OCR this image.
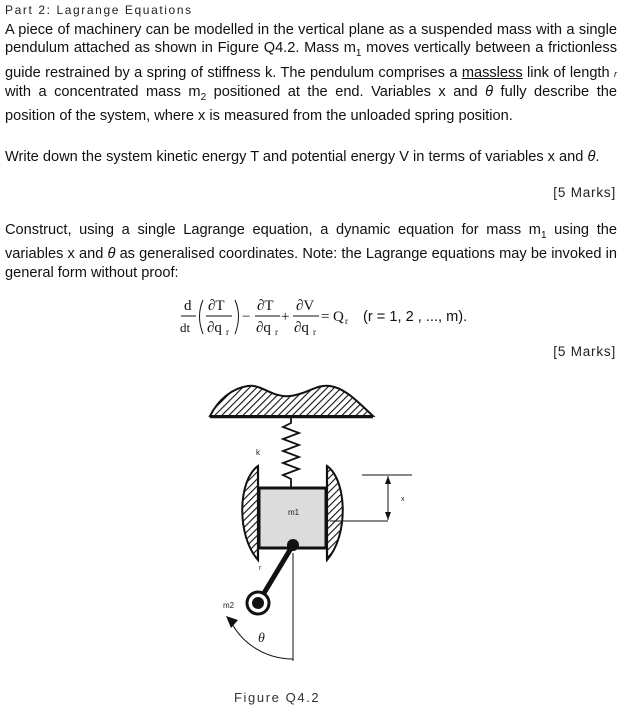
Part 2: Lagrange Equations

A piece of machinery can be modelled in the vertical plane as a suspended mass with a single pendulum attached as shown in Figure Q4.2. Mass $m_1$ moves vertically between a frictionless guide restrained by a spring of stiffness k. The pendulum comprises a massless link of length r with a concentrated mass $m_2$ positioned at the end. Variables x and θ fully describe the position of the system, where x is measured from the unloaded spring position.

Write down the system kinetic energy T and potential energy V in terms of variables x and θ.

[5 Marks]

Construct, using a single Lagrange equation, a dynamic equation for mass $m_1$ using the variables x and θ as generalised coordinates. Note: the Lagrange equations may be invoked in general form without proof:

d
dt
∂T
∂q r
−
∂T
∂q r
+
∂V
∂q r
= Q r (r = 1, 2 , ..., m).
[5 Marks]
k
m1
x
r
m2
θ
Figure Q4.2
